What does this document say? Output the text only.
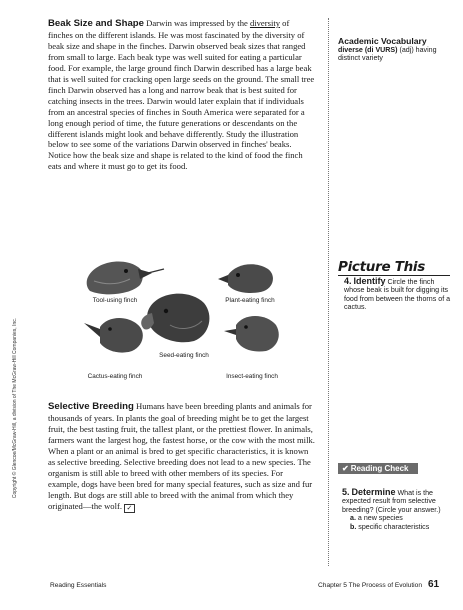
Beak Size and Shape Darwin was impressed by the diversity of finches on the different islands. He was most fascinated by the diversity of beak size and shape in the finches. Darwin observed beak sizes that ranged from small to large. Each beak type was well suited for eating a particular food. For example, the large ground finch Darwin described has a large beak that is well suited for cracking open large seeds on the ground. The small tree finch Darwin observed has a long and narrow beak that is best suited for catching insects in the trees. Darwin would later explain that if individuals from an ancestral species of finches in South America were separated for a long enough period of time, the future generations or descendants on the different islands might look and behave differently. Study the illustration below to see some of the variations Darwin observed in finches' beaks. Notice how the beak size and shape is related to the kind of food the finch eats and where it must go to get its food.
Tool-using finch	Plant-eating finch
Seed-eating finch
Cactus-eating finch	Insect-eating finch
Selective Breeding Humans have been breeding plants and animals for thousands of years. In plants the goal of breeding might be to get the largest fruit, the best tasting fruit, the tallest plant, or the prettiest flower. In animals, farmers want the largest hog, the fastest horse, or the cow with the most milk. When a plant or an animal is bred to get specific characteristics, it is known as selective breeding. Selective breeding does not lead to a new species. The organism is still able to breed with other members of its species. For example, dogs have been bred for many special features, such as size and fur length. But dogs are still able to breed with the animal from which they originated—the wolf. ✓
Academic Vocabulary
diverse (di VURS) (adj) having distinct variety
Picture This
4. Identify Circle the finch whose beak is built for digging its food from between the thorns of a cactus.
✔ Reading Check
5. Determine What is the expected result from selective breeding? (Circle your answer.)
a. a new species
b. specific characteristics
Copyright © Glencoe/McGraw-Hill, a division of The McGraw-Hill Companies, Inc.
Reading Essentials	Chapter 5 The Process of Evolution 61
